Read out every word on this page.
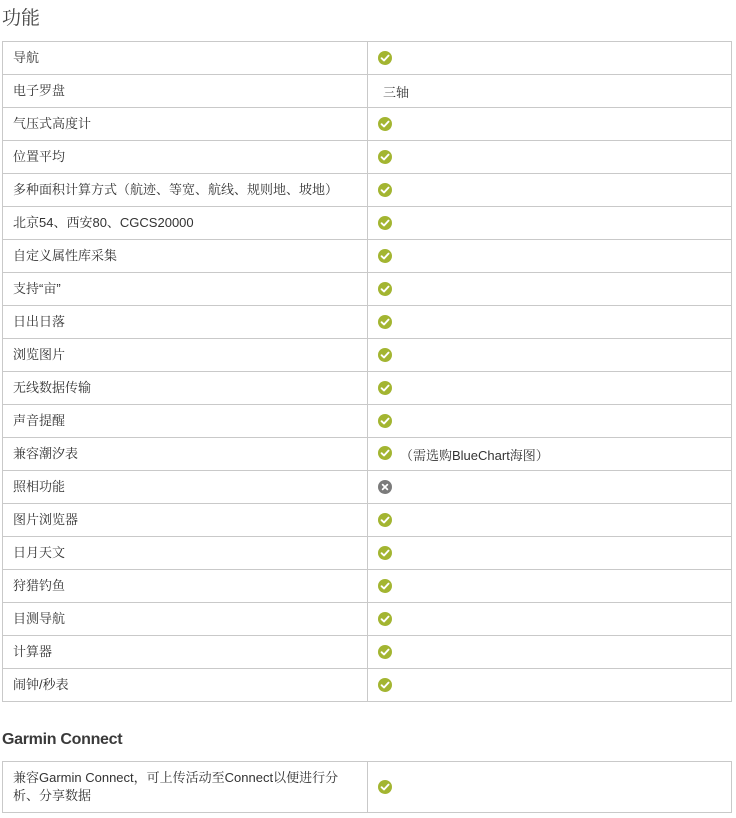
功能
导航	

电子罗盘	三轴
气压式高度计	

位置平均	

多种面积计算方式（航迹、等宽、航线、规则地、坡地）	

北京54、西安80、CGCS20000	

自定义属性库采集	

支持“亩”	

日出日落	

浏览图片	

无线数据传输	

声音提醒	

兼容潮汐表	（需选购BlueChart海图）
照相功能	

图片浏览器	

日月天文	

狩猎钓鱼	

目测导航	

计算器	

闹钟/秒表	
Garmin Connect
兼容Garmin Connect，可上传活动至Connect以便进行分析、分享数据	
